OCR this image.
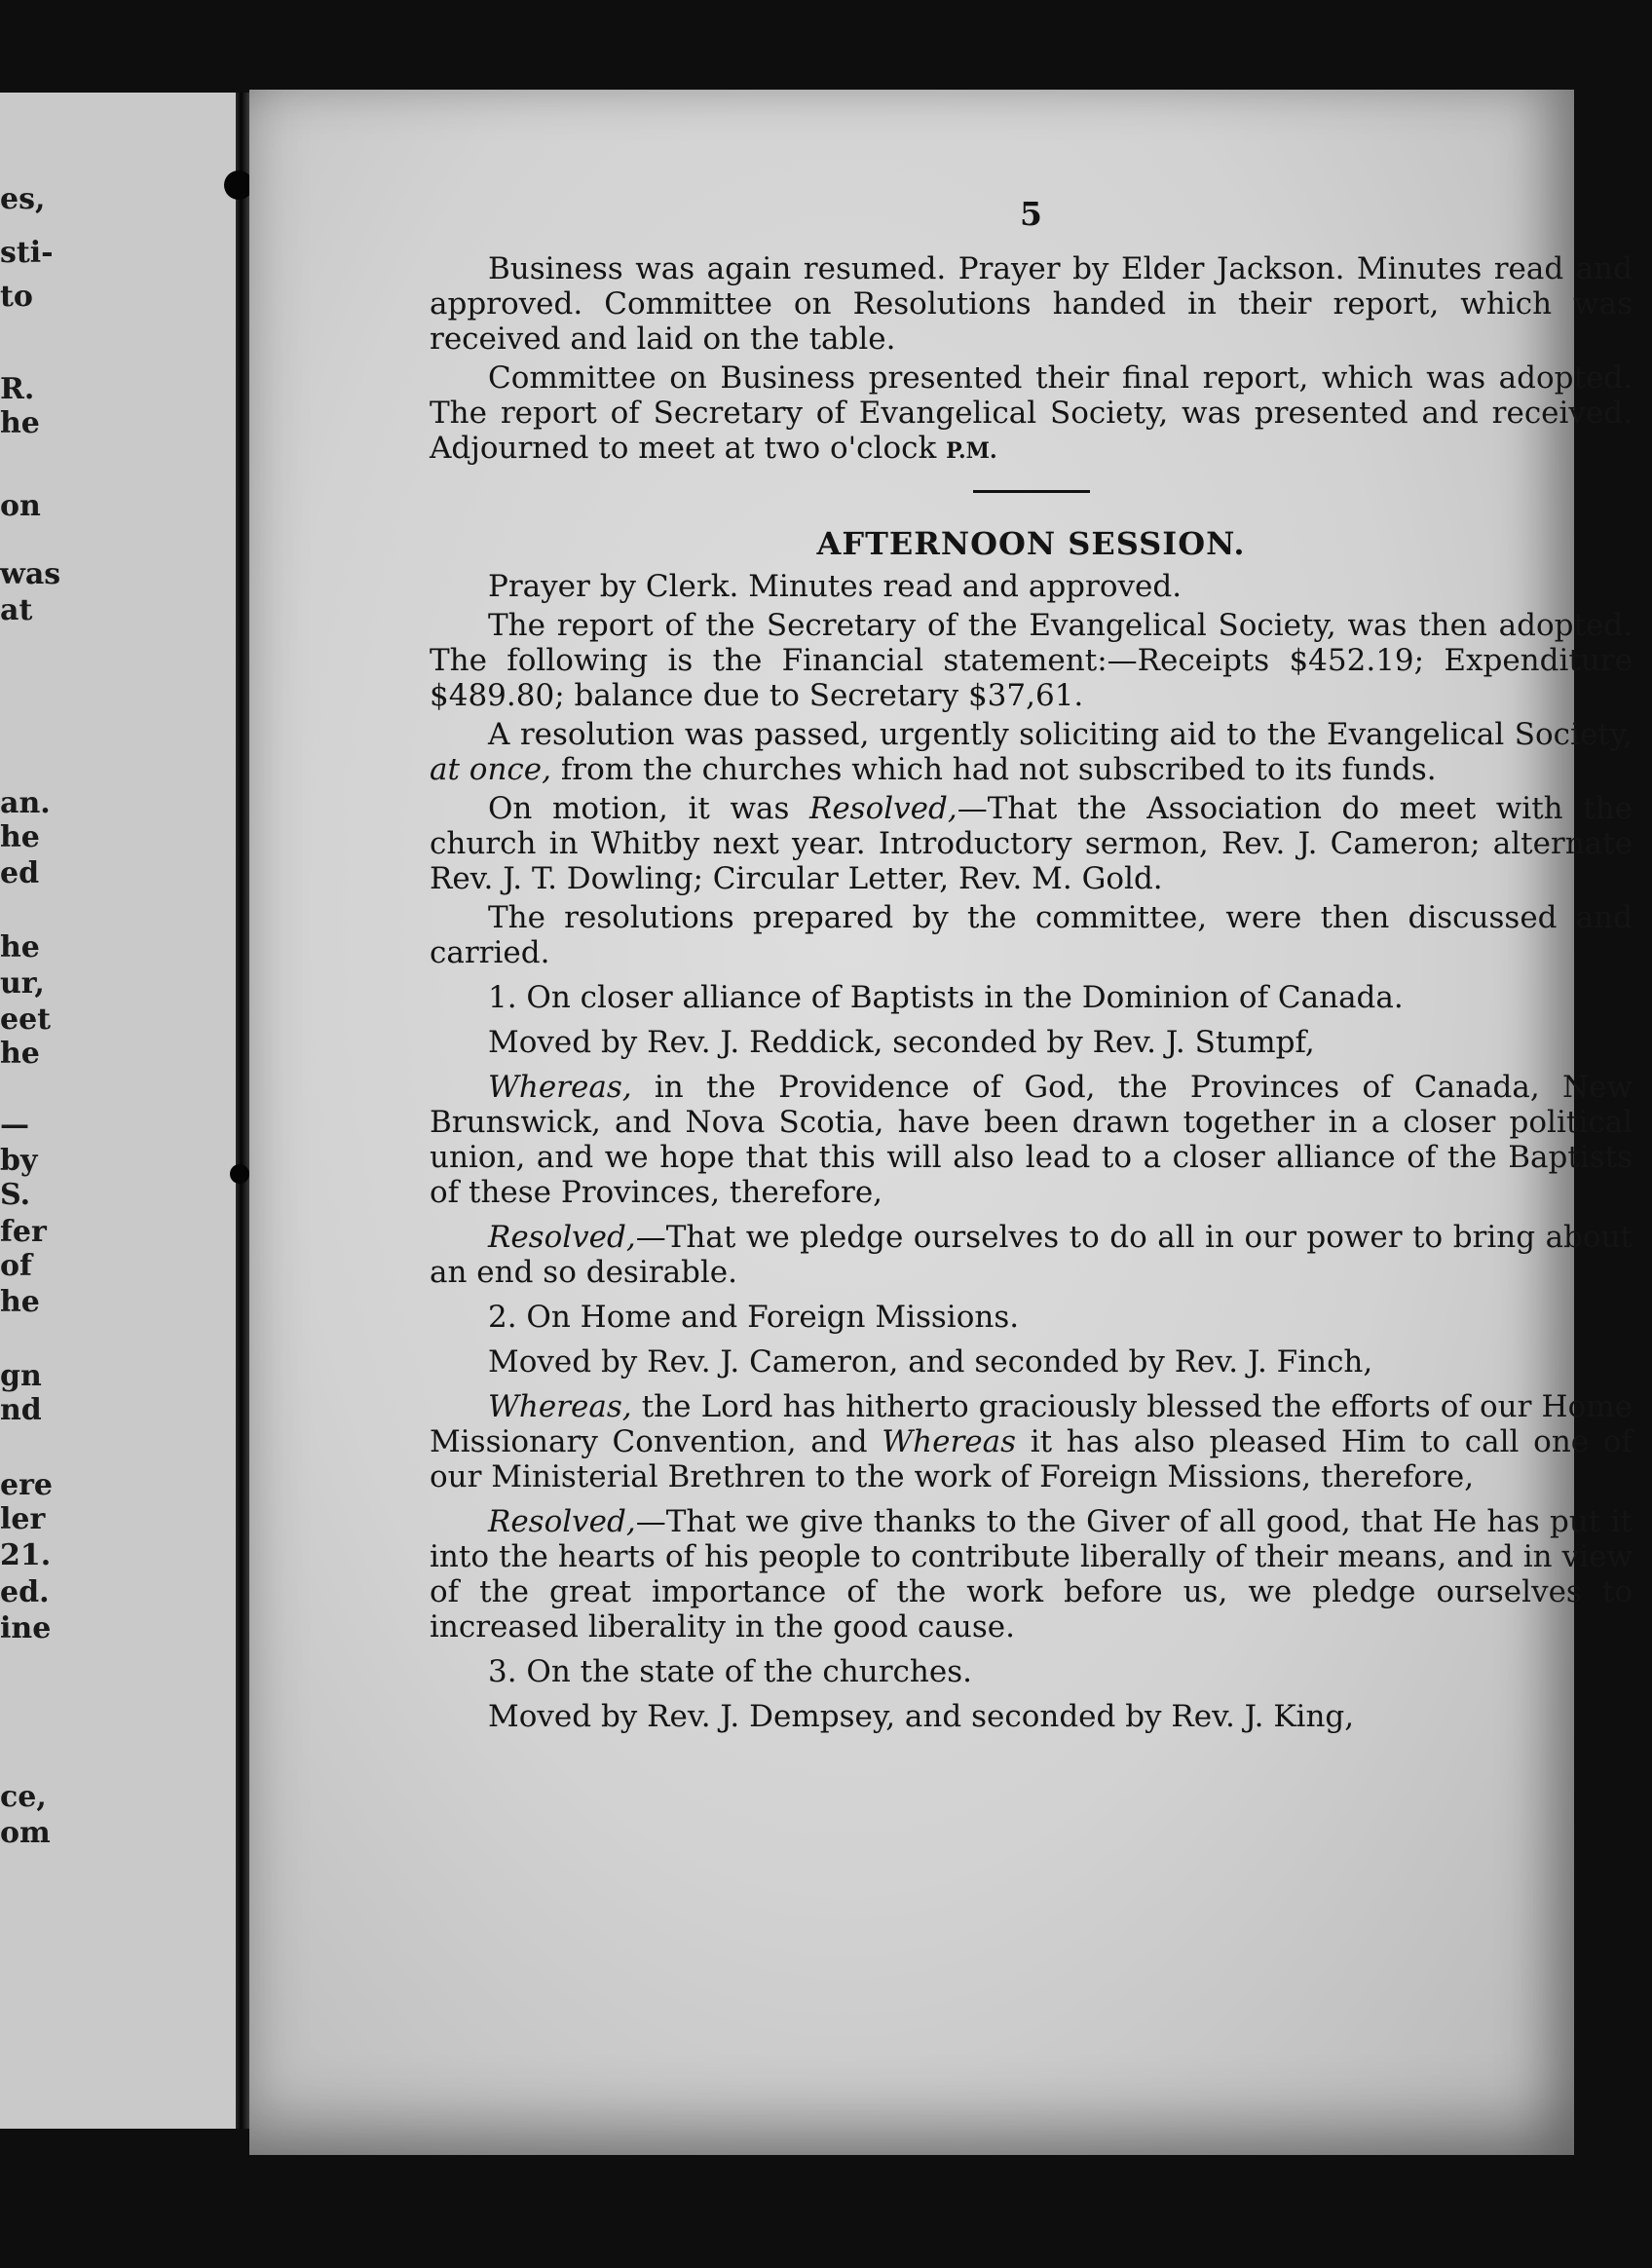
es,
sti-
to
R.
he
on
was
at
an.
he
ed
he
ur,
eet
he
—
by
S.
fer
of
he
gn
nd
ere
ler
21.
ed.
ine
ce,
om
5

Business was again resumed. Prayer by Elder Jackson. Minutes read and approved. Committee on Resolutions handed in their report, which was received and laid on the table.

Committee on Business presented their final report, which was adopted. The report of Secretary of Evangelical Society, was presented and received. Adjourned to meet at two o'clock P.M.

AFTERNOON SESSION.

Prayer by Clerk. Minutes read and approved.

The report of the Secretary of the Evangelical Society, was then adopted. The following is the Financial statement:—Receipts $452.19; Expenditure $489.80; balance due to Secretary $37,61.

A resolution was passed, urgently soliciting aid to the Evangelical Society, at once, from the churches which had not subscribed to its funds.

On motion, it was Resolved,—That the Association do meet with the church in Whitby next year. Introductory sermon, Rev. J. Cameron; alternate Rev. J. T. Dowling; Circular Letter, Rev. M. Gold.

The resolutions prepared by the committee, were then discussed and carried.

1. On closer alliance of Baptists in the Dominion of Canada.

Moved by Rev. J. Reddick, seconded by Rev. J. Stumpf,

Whereas, in the Providence of God, the Provinces of Canada, New Brunswick, and Nova Scotia, have been drawn together in a closer political union, and we hope that this will also lead to a closer alliance of the Baptists of these Provinces, therefore,

Resolved,—That we pledge ourselves to do all in our power to bring about an end so desirable.

2. On Home and Foreign Missions.

Moved by Rev. J. Cameron, and seconded by Rev. J. Finch,

Whereas, the Lord has hitherto graciously blessed the efforts of our Home Missionary Convention, and Whereas it has also pleased Him to call one of our Ministerial Brethren to the work of Foreign Missions, therefore,

Resolved,—That we give thanks to the Giver of all good, that He has put it into the hearts of his people to contribute liberally of their means, and in view of the great importance of the work before us, we pledge ourselves to increased liberality in the good cause.

3. On the state of the churches.

Moved by Rev. J. Dempsey, and seconded by Rev. J. King,
